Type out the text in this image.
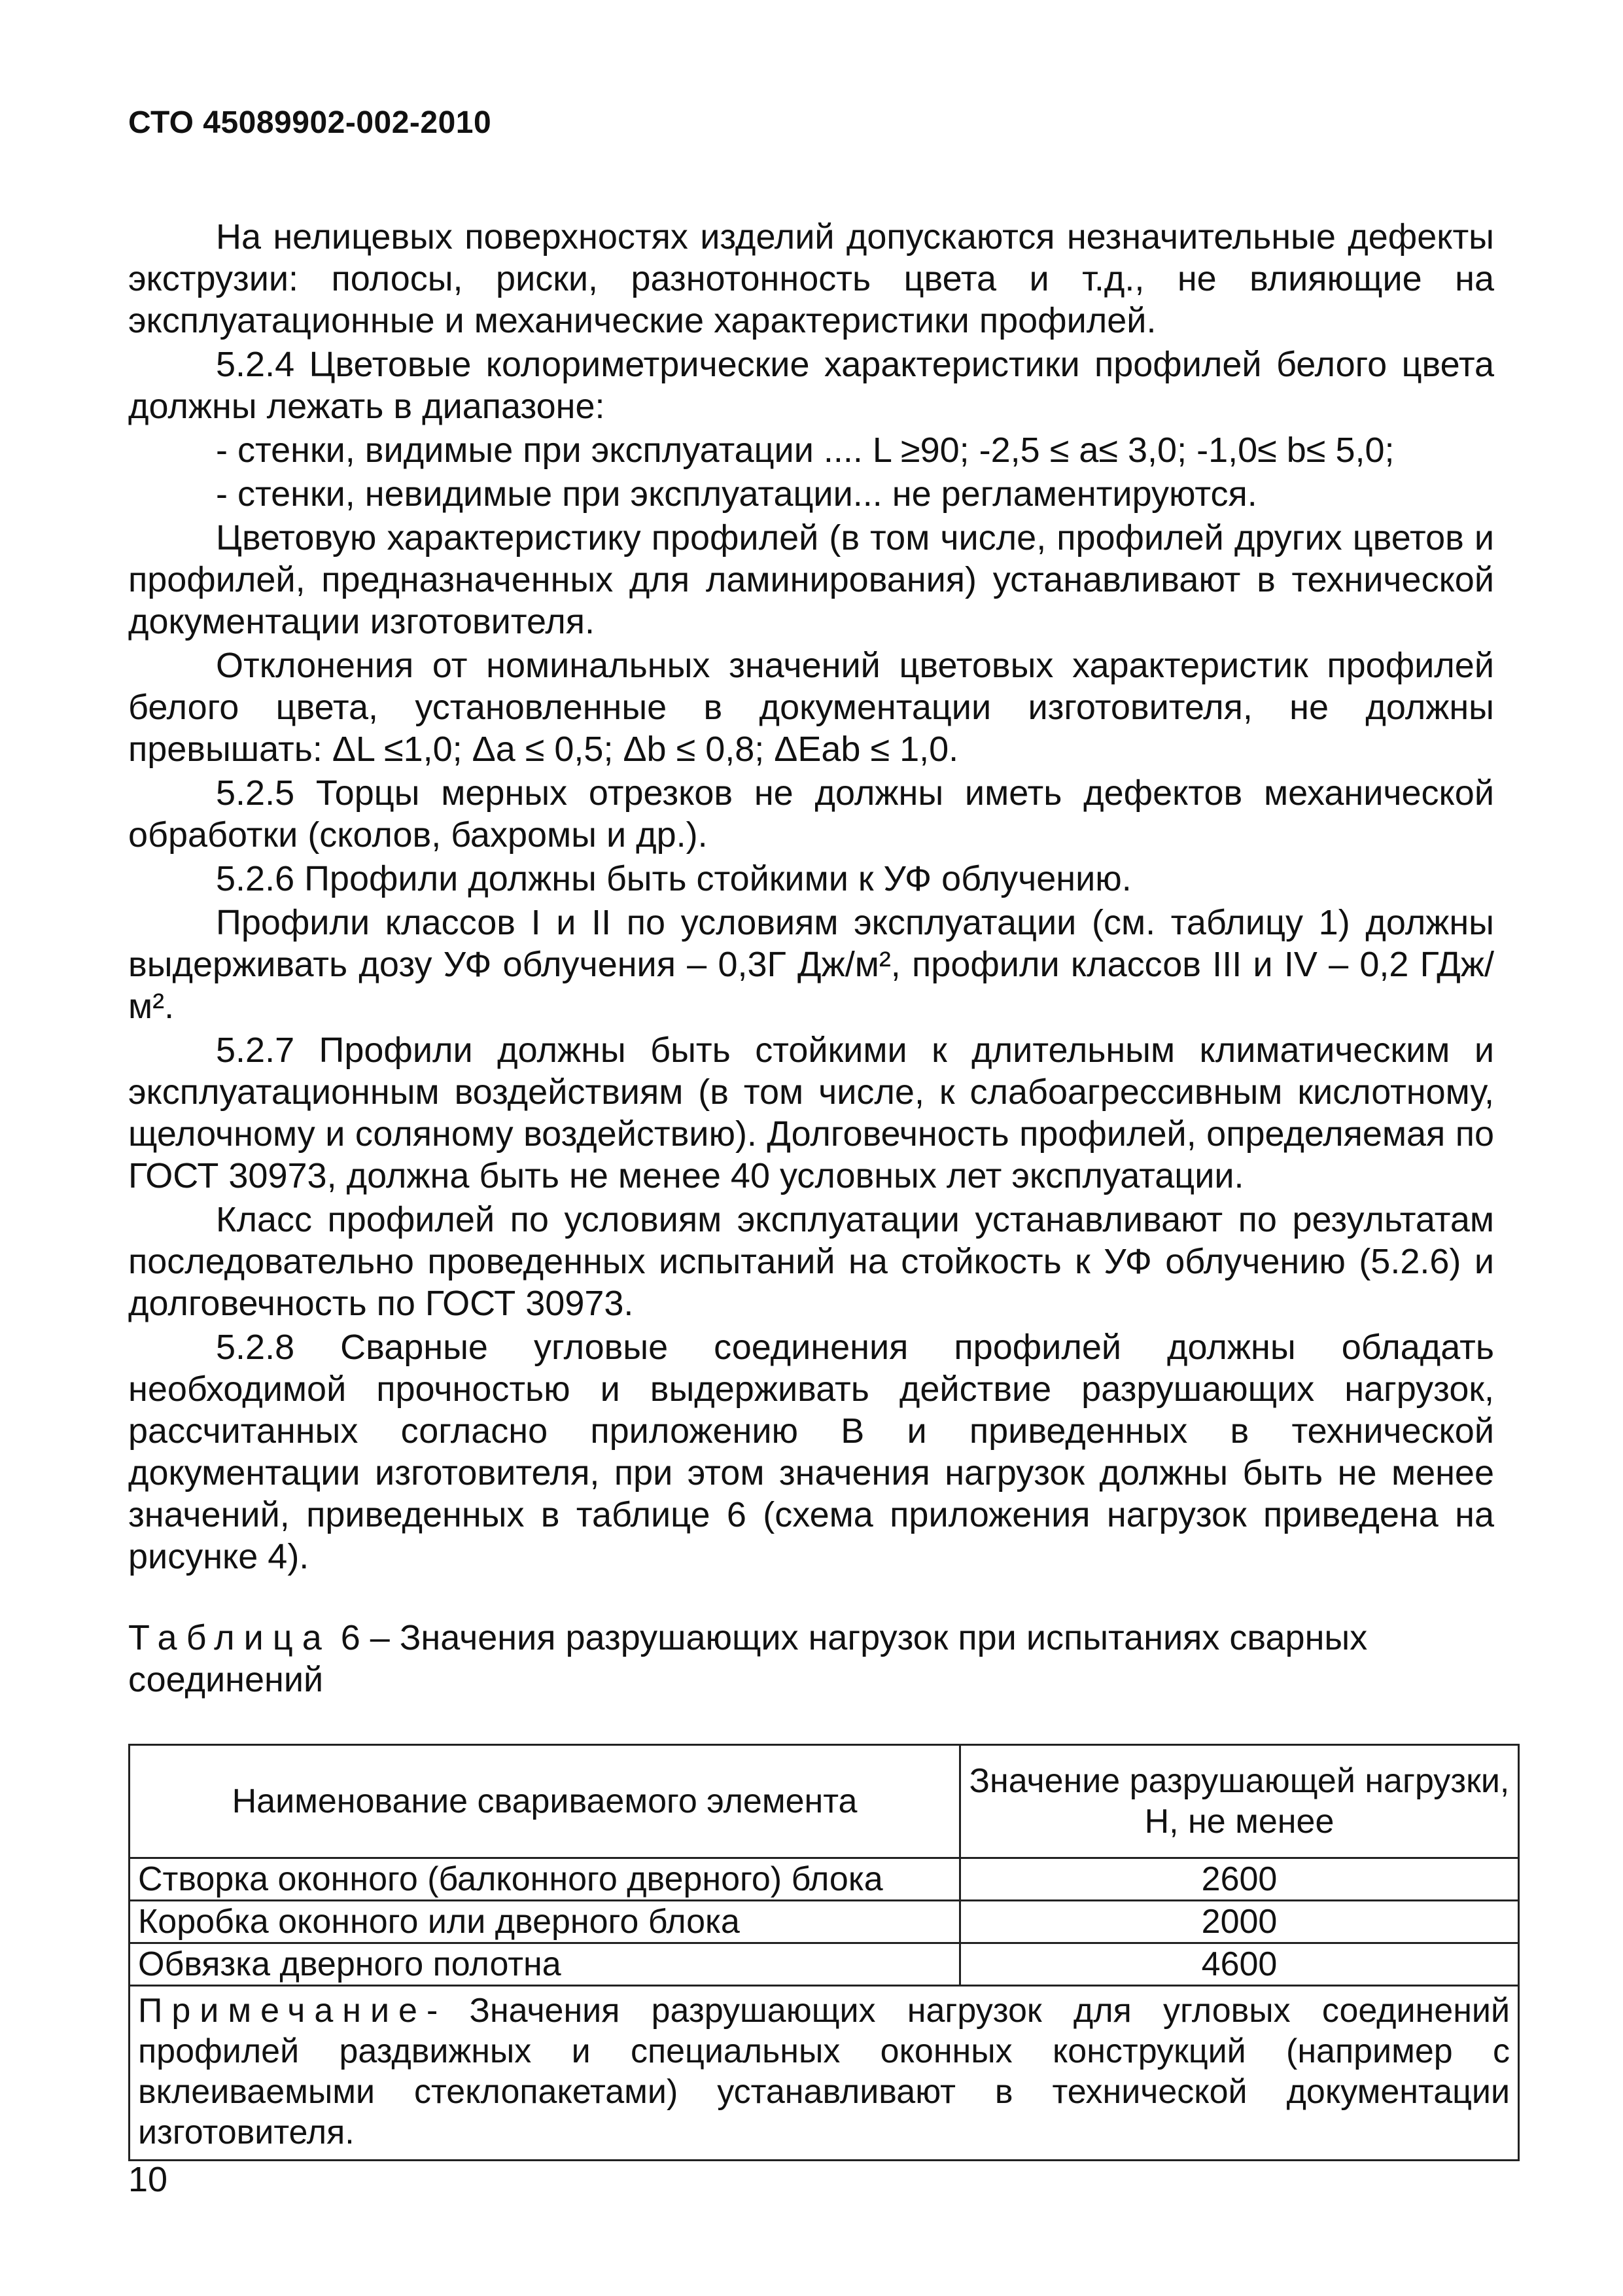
СТО 45089902-002-2010

На нелицевых поверхностях изделий допускаются незначительные дефекты экструзии: полосы, риски, разнотонность цвета и т.д., не влияющие на эксплуатационные и механические характеристики профилей.

5.2.4 Цветовые колориметрические характеристики профилей белого цвета должны лежать в диапазоне:

- стенки, видимые при эксплуатации .... L ≥90; -2,5 ≤ a≤ 3,0; -1,0≤ b≤ 5,0;

- стенки, невидимые при эксплуатации... не регламентируются.

Цветовую характеристику профилей (в том числе, профилей других цветов и профилей, предназначенных для ламинирования) устанавливают в технической документации изготовителя.

Отклонения от номинальных значений цветовых характеристик профилей белого цвета, установленные в документации изготовителя, не должны превышать: ΔL ≤1,0; Δa ≤ 0,5; Δb ≤ 0,8; ΔEab ≤ 1,0.

5.2.5 Торцы мерных отрезков не должны иметь дефектов механической обработки (сколов, бахромы и др.).

5.2.6 Профили должны быть стойкими к УФ облучению.

Профили классов I и II по условиям эксплуатации (см. таблицу 1) должны выдерживать дозу УФ облучения – 0,3Г Дж/м², профили классов III и IV – 0,2 ГДж/м².

5.2.7 Профили должны быть стойкими к длительным климатическим и эксплуатационным воздействиям (в том числе, к слабоагрессивным кислотному, щелочному и соляному воздействию). Долговечность профилей, определяемая по ГОСТ 30973, должна быть не менее 40 условных лет эксплуатации.

Класс профилей по условиям эксплуатации устанавливают по результатам последовательно проведенных испытаний на стойкость к УФ облучению (5.2.6) и долговечность по ГОСТ 30973.

5.2.8 Сварные угловые соединения профилей должны обладать необходимой прочностью и выдерживать действие разрушающих нагрузок, рассчитанных согласно приложению В и приведенных в технической документации изготовителя, при этом значения нагрузок должны быть не менее значений, приведенных в таблице 6 (схема приложения нагрузок приведена на рисунке 4).

Таблица 6 – Значения разрушающих нагрузок при испытаниях сварных соединений

Наименование свариваемого элемента	Значение разрушающей нагрузки, Н, не менее
Створка оконного (балконного дверного) блока	2600
Коробка оконного или дверного блока	2000
Обвязка дверного полотна	4600
Примечание- Значения разрушающих нагрузок для угловых соединений профилей раздвижных и специальных оконных конструкций (например с вклеиваемыми стеклопакетами) устанавливают в технической документации изготовителя.	
10
